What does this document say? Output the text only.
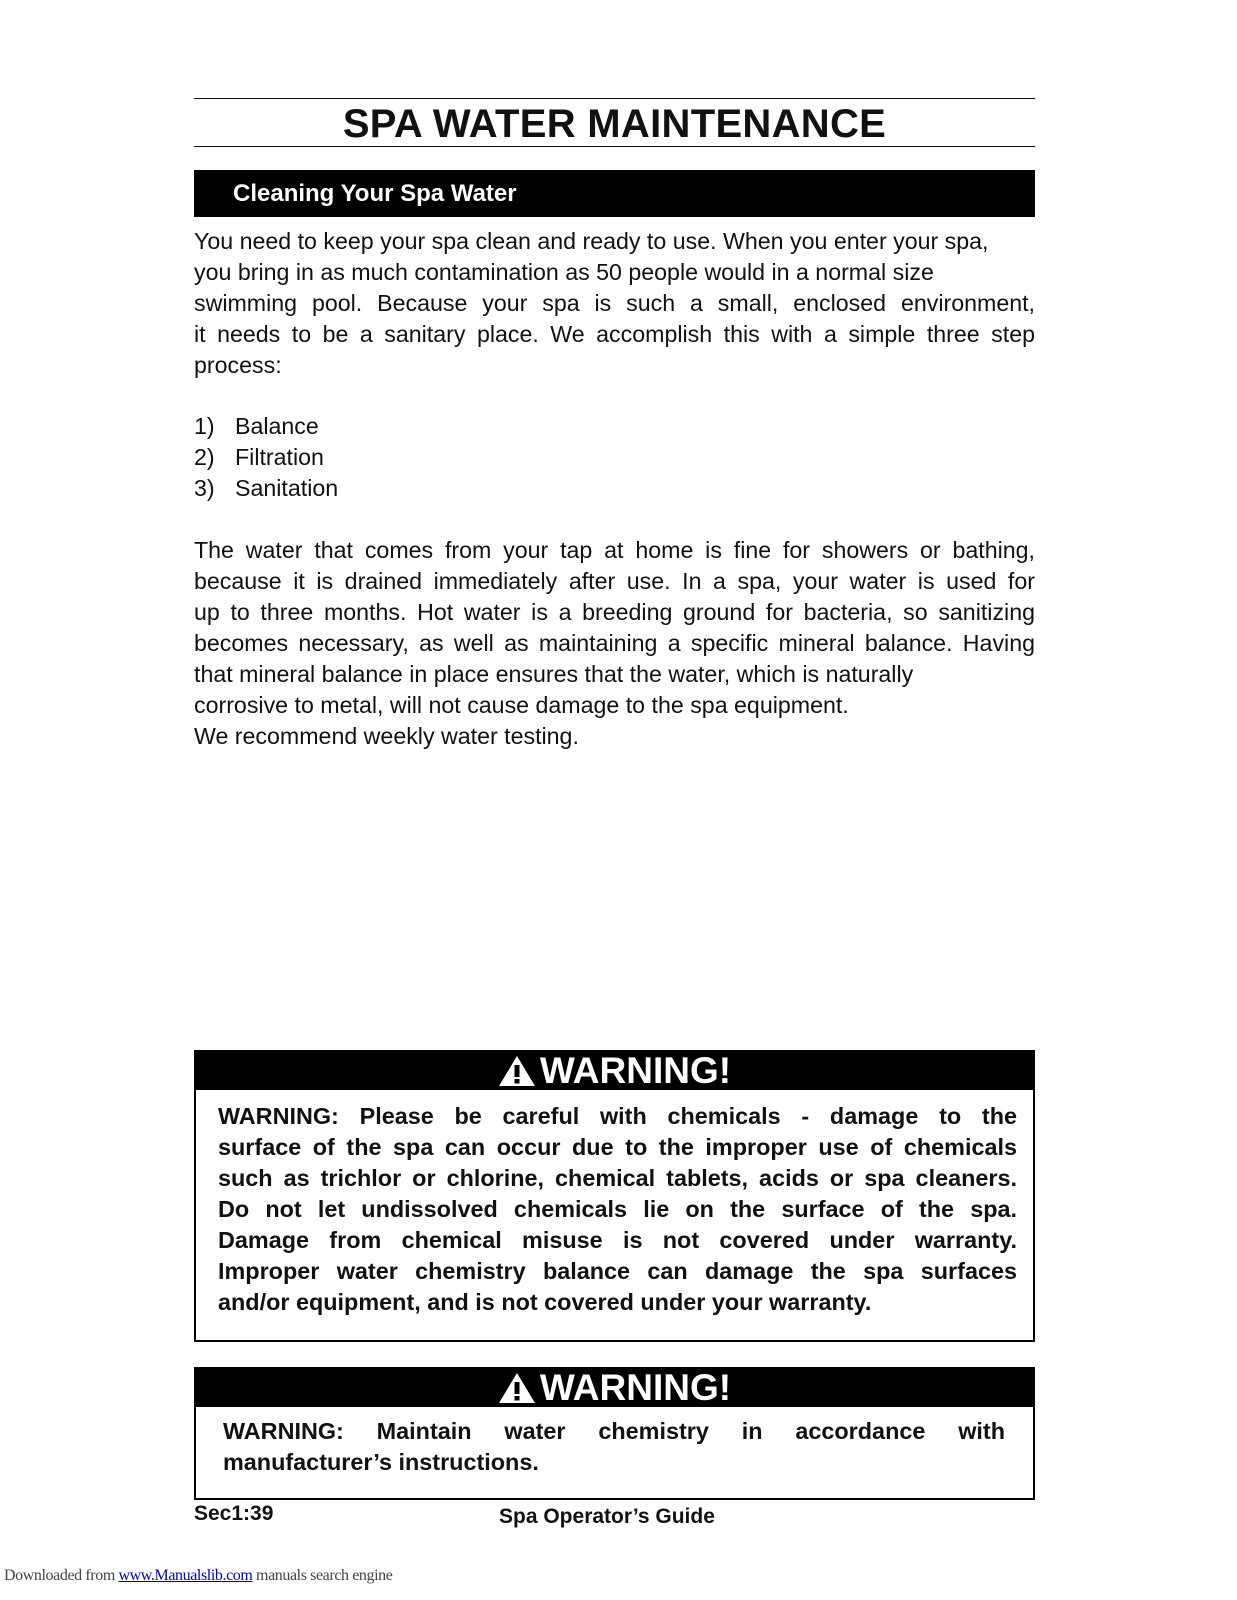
SPA WATER MAINTENANCE
Cleaning Your Spa Water
You need to keep your spa clean and ready to use. When you enter your spa,
you bring in as much contamination as 50 people would in a normal size
swimming pool. Because your spa is such a small, enclosed environment,
it needs to be a sanitary place. We accomplish this with a simple three step
process:
1) Balance
2) Filtration
3) Sanitation
The water that comes from your tap at home is fine for showers or bathing,
because it is drained immediately after use. In a spa, your water is used for
up to three months. Hot water is a breeding ground for bacteria, so sanitizing
becomes necessary, as well as maintaining a specific mineral balance. Having
that mineral balance in place ensures that the water, which is naturally
corrosive to metal, will not cause damage to the spa equipment.
We recommend weekly water testing.
WARNING!
WARNING: Please be careful with chemicals - damage to the
surface of the spa can occur due to the improper use of chemicals
such as trichlor or chlorine, chemical tablets, acids or spa cleaners.
Do not let undissolved chemicals lie on the surface of the spa.
Damage from chemical misuse is not covered under warranty.
Improper water chemistry balance can damage the spa surfaces
and/or equipment, and is not covered under your warranty.
WARNING!
WARNING: Maintain water chemistry in accordance with
manufacturer’s instructions.
Sec1:39	Spa Operator’s Guide
Downloaded from www.Manualslib.com manuals search engine
